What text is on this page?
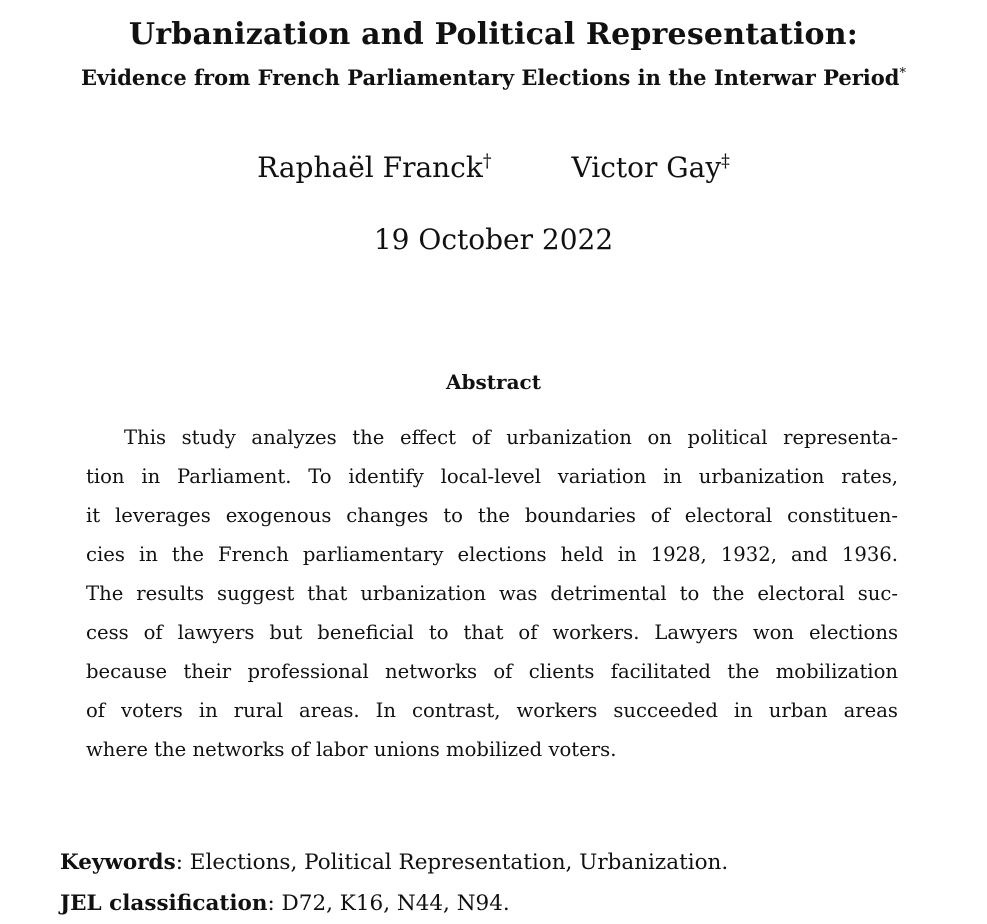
Urbanization and Political Representation:
Evidence from French Parliamentary Elections in the Interwar Period*
Raphaël Franck†	Victor Gay‡
19 October 2022
Abstract
This study analyzes the effect of urbanization on political representa-
tion in Parliament. To identify local-level variation in urbanization rates,
it leverages exogenous changes to the boundaries of electoral constituen-
cies in the French parliamentary elections held in 1928, 1932, and 1936.
The results suggest that urbanization was detrimental to the electoral suc-
cess of lawyers but beneficial to that of workers. Lawyers won elections
because their professional networks of clients facilitated the mobilization
of voters in rural areas. In contrast, workers succeeded in urban areas
where the networks of labor unions mobilized voters.
Keywords: Elections, Political Representation, Urbanization.
JEL classification: D72, K16, N44, N94.
